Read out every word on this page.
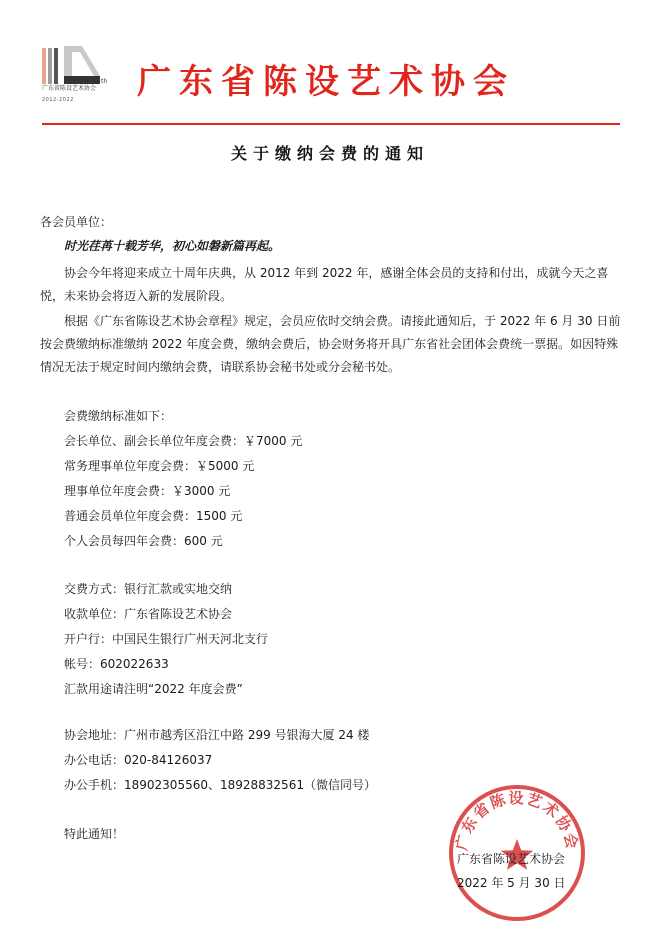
th
广东省陈设艺术协会
2012-2022 广东省陈设艺术协会
关于缴纳会费的通知
各会员单位：
时光荏苒十载芳华，初心如磐新篇再起。
协会今年将迎来成立十周年庆典，从 2012 年到 2022 年，感谢全体会员的支持和付出，成就今天之喜悦，未来协会将迈入新的发展阶段。
根据《广东省陈设艺术协会章程》规定，会员应依时交纳会费。请接此通知后，于 2022 年 6 月 30 日前按会费缴纳标准缴纳 2022 年度会费，缴纳会费后，协会财务将开具广东省社会团体会费统一票据。如因特殊情况无法于规定时间内缴纳会费，请联系协会秘书处或分会秘书处。
会费缴纳标准如下：
会长单位、副会长单位年度会费：￥7000 元
常务理事单位年度会费：￥5000 元
理事单位年度会费：￥3000 元
普通会员单位年度会费：1500 元
个人会员每四年会费：600 元
交费方式：银行汇款或实地交纳
收款单位：广东省陈设艺术协会
开户行：中国民生银行广州天河北支行
帐号：602022633
汇款用途请注明“2022 年度会费”
协会地址：广州市越秀区沿江中路 299 号银海大厦 24 楼
办公电话：020-84126037
办公手机：18902305560、18928832561（微信同号）
特此通知！	广东省陈设艺术协会
广东省陈设艺术协会
2022 年 5 月 30 日
